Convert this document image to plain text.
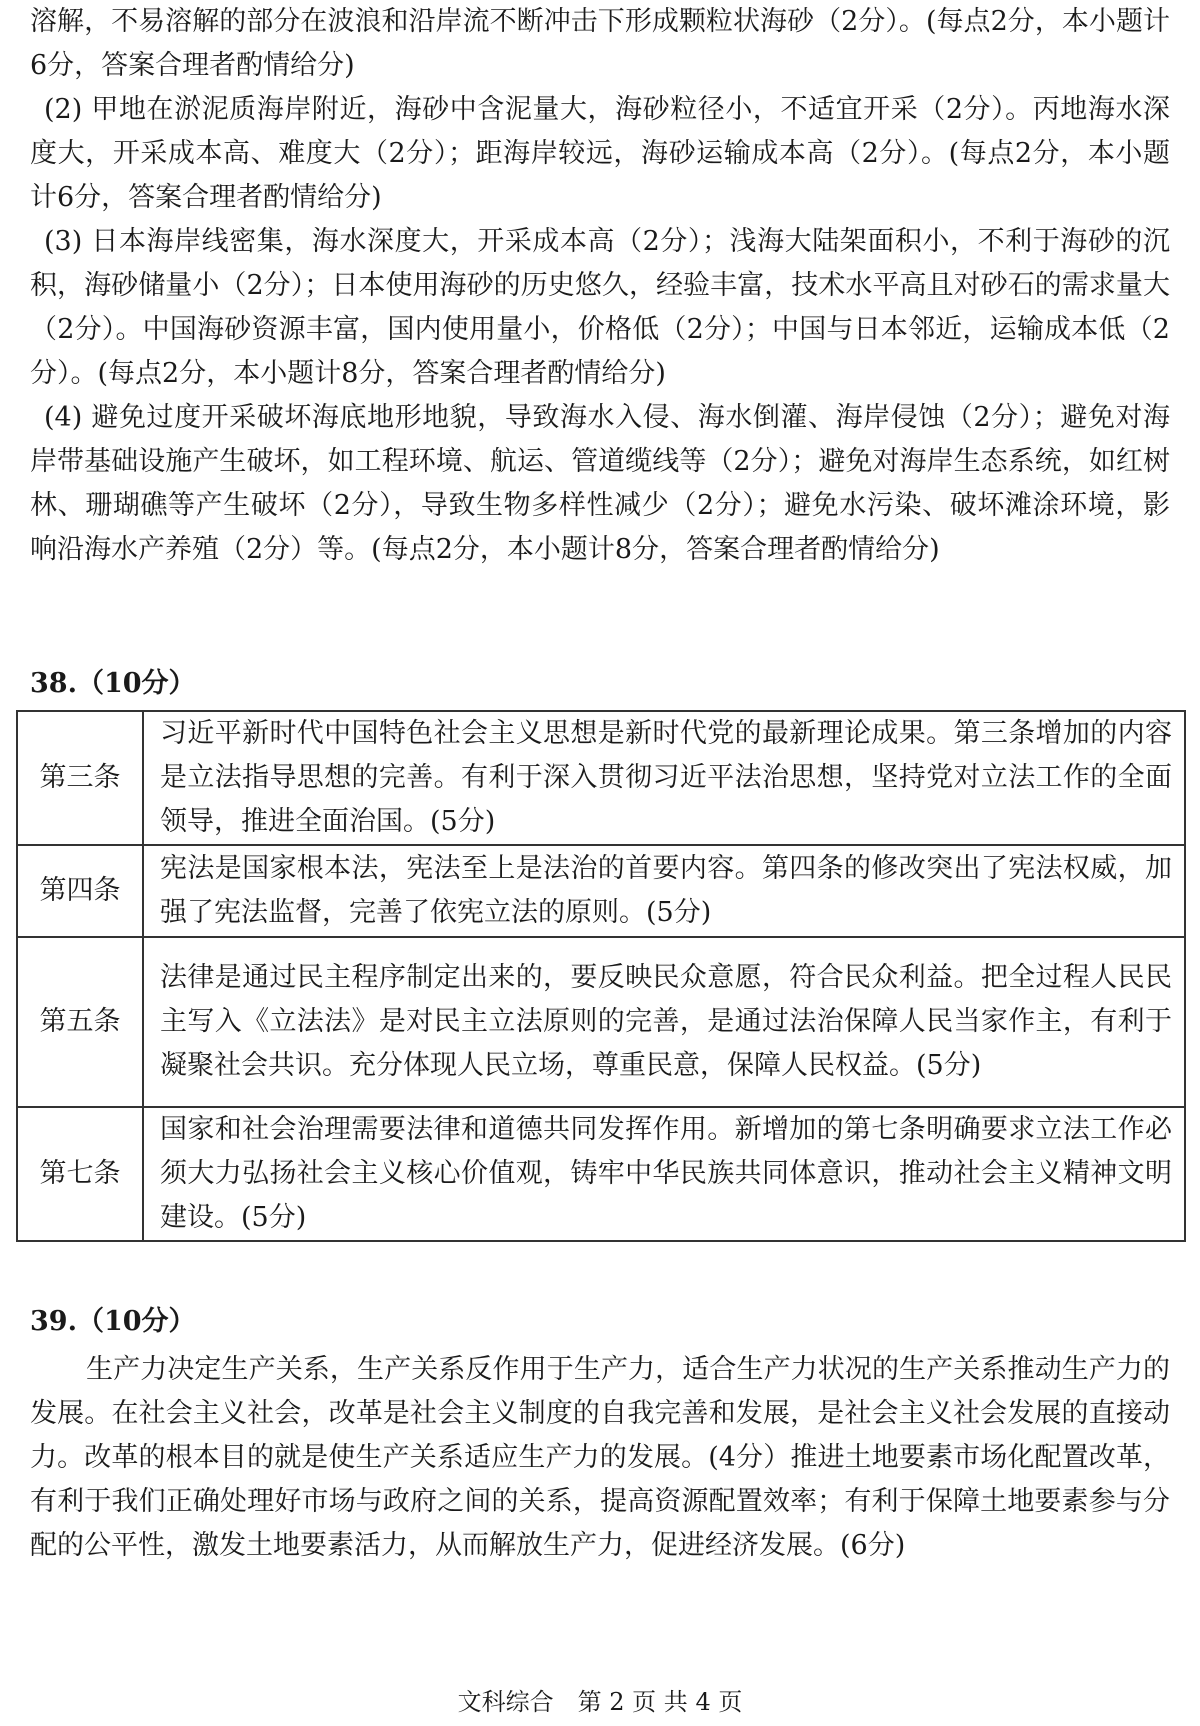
溶解，不易溶解的部分在波浪和沿岸流不断冲击下形成颗粒状海砂（2分）。(每点2分，本小题计6分，答案合理者酌情给分)

(2) 甲地在淤泥质海岸附近，海砂中含泥量大，海砂粒径小，不适宜开采（2分）。丙地海水深度大，开采成本高、难度大（2分）；距海岸较远，海砂运输成本高（2分）。(每点2分，本小题计6分，答案合理者酌情给分)

(3) 日本海岸线密集，海水深度大，开采成本高（2分）；浅海大陆架面积小，不利于海砂的沉积，海砂储量小（2分）；日本使用海砂的历史悠久，经验丰富，技术水平高且对砂石的需求量大（2分）。中国海砂资源丰富，国内使用量小，价格低（2分）；中国与日本邻近，运输成本低（2分）。(每点2分，本小题计8分，答案合理者酌情给分)

(4) 避免过度开采破坏海底地形地貌，导致海水入侵、海水倒灌、海岸侵蚀（2分）；避免对海岸带基础设施产生破坏，如工程环境、航运、管道缆线等（2分）；避免对海岸生态系统，如红树林、珊瑚礁等产生破坏（2分），导致生物多样性减少（2分）；避免水污染、破坏滩涂环境，影响沿海水产养殖（2分）等。(每点2分，本小题计8分，答案合理者酌情给分)

38.（10分）
第三条	习近平新时代中国特色社会主义思想是新时代党的最新理论成果。第三条增加的内容是立法指导思想的完善。有利于深入贯彻习近平法治思想，坚持党对立法工作的全面领导，推进全面治国。(5分)
第四条	宪法是国家根本法，宪法至上是法治的首要内容。第四条的修改突出了宪法权威，加强了宪法监督，完善了依宪立法的原则。(5分)
第五条	法律是通过民主程序制定出来的，要反映民众意愿，符合民众利益。把全过程人民民主写入《立法法》是对民主立法原则的完善，是通过法治保障人民当家作主，有利于凝聚社会共识。充分体现人民立场，尊重民意，保障人民权益。(5分)
第七条	国家和社会治理需要法律和道德共同发挥作用。新增加的第七条明确要求立法工作必须大力弘扬社会主义核心价值观，铸牢中华民族共同体意识，推动社会主义精神文明建设。(5分)
39.（10分）

生产力决定生产关系，生产关系反作用于生产力，适合生产力状况的生产关系推动生产力的发展。在社会主义社会，改革是社会主义制度的自我完善和发展，是社会主义社会发展的直接动力。改革的根本目的就是使生产关系适应生产力的发展。(4分）推进土地要素市场化配置改革，有利于我们正确处理好市场与政府之间的关系，提高资源配置效率；有利于保障土地要素参与分配的公平性，激发土地要素活力，从而解放生产力，促进经济发展。(6分)

文科综合　第 2 页 共 4 页
